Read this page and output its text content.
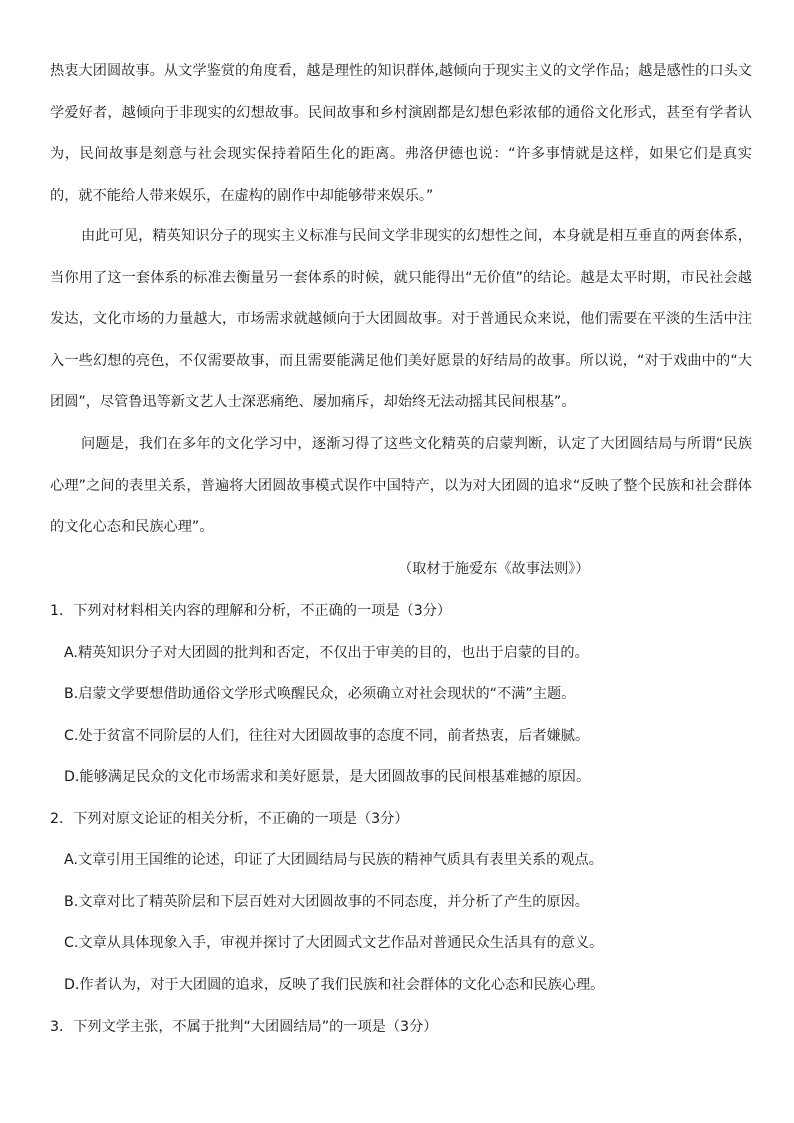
热衷大团圆故事。从文学鉴赏的角度看，越是理性的知识群体,越倾向于现实主义的文学作品；越是感性的口头文学爱好者，越倾向于非现实的幻想故事。民间故事和乡村演剧都是幻想色彩浓郁的通俗文化形式，甚至有学者认为，民间故事是刻意与社会现实保持着陌生化的距离。弗洛伊德也说：“许多事情就是这样，如果它们是真实的，就不能给人带来娱乐，在虚构的剧作中却能够带来娱乐。”

由此可见，精英知识分子的现实主义标准与民间文学非现实的幻想性之间，本身就是相互垂直的两套体系，当你用了这一套体系的标准去衡量另一套体系的时候，就只能得出“无价值”的结论。越是太平时期，市民社会越发达，文化市场的力量越大，市场需求就越倾向于大团圆故事。对于普通民众来说，他们需要在平淡的生活中注入一些幻想的亮色，不仅需要故事，而且需要能满足他们美好愿景的好结局的故事。所以说，“对于戏曲中的“大团圆”，尽管鲁迅等新文艺人士深恶痛绝、屡加痛斥，却始终无法动摇其民间根基”。

问题是，我们在多年的文化学习中，逐渐习得了这些文化精英的启蒙判断，认定了大团圆结局与所谓“民族心理”之间的表里关系，普遍将大团圆故事模式误作中国特产，以为对大团圆的追求“反映了整个民族和社会群体的文化心态和民族心理”。

（取材于施爱东《故事法则》）

1．下列对材料相关内容的理解和分析，不正确的一项是（3分）

A.精英知识分子对大团圆的批判和否定，不仅出于审美的目的，也出于启蒙的目的。

B.启蒙文学要想借助通俗文学形式唤醒民众，必须确立对社会现状的“不满”主题。

C.处于贫富不同阶层的人们，往往对大团圆故事的态度不同，前者热衷，后者嫌腻。

D.能够满足民众的文化市场需求和美好愿景，是大团圆故事的民间根基难撼的原因。

2．下列对原文论证的相关分析，不正确的一项是（3分）

A.文章引用王国维的论述，印证了大团圆结局与民族的精神气质具有表里关系的观点。

B.文章对比了精英阶层和下层百姓对大团圆故事的不同态度，并分析了产生的原因。

C.文章从具体现象入手，审视并探讨了大团圆式文艺作品对普通民众生活具有的意义。

D.作者认为，对于大团圆的追求，反映了我们民族和社会群体的文化心态和民族心理。

3．下列文学主张，不属于批判“大团圆结局”的一项是（3分）
